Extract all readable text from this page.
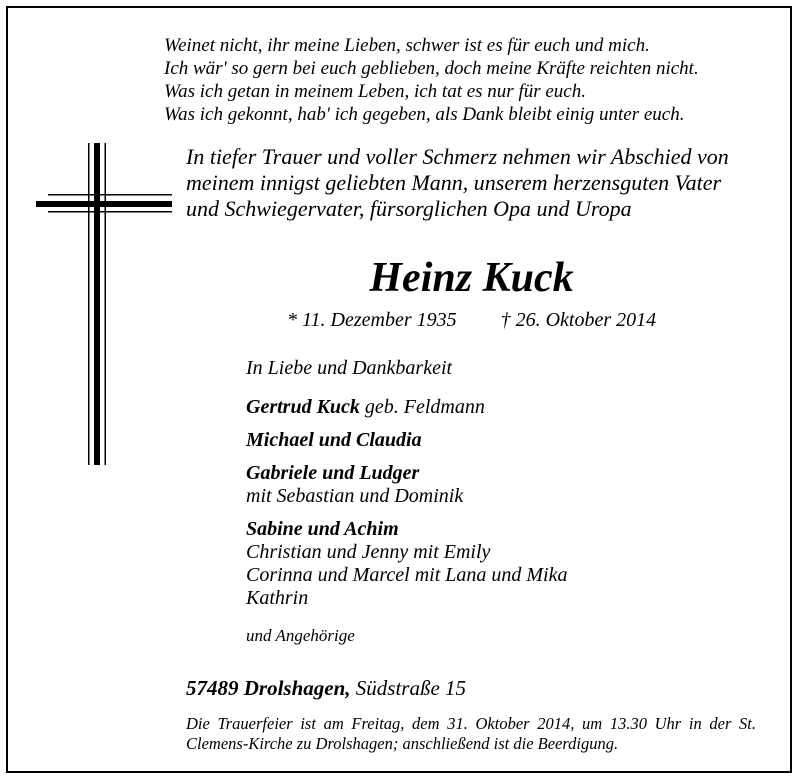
Weinet nicht, ihr meine Lieben, schwer ist es für euch und mich.
Ich wär' so gern bei euch geblieben, doch meine Kräfte reichten nicht.
Was ich getan in meinem Leben, ich tat es nur für euch.
Was ich gekonnt, hab' ich gegeben, als Dank bleibt einig unter euch.
In tiefer Trauer und voller Schmerz nehmen wir Abschied von
meinem innigst geliebten Mann, unserem herzensguten Vater
und Schwiegervater, fürsorglichen Opa und Uropa
Heinz Kuck
* 11. Dezember 1935 † 26. Oktober 2014
In Liebe und Dankbarkeit
Gertrud Kuck geb. Feldmann
Michael und Claudia
Gabriele und Ludger
mit Sebastian und Dominik
Sabine und Achim
Christian und Jenny mit Emily
Corinna und Marcel mit Lana und Mika
Kathrin
und Angehörige
57489 Drolshagen, Südstraße 15
Die Trauerfeier ist am Freitag, dem 31. Oktober 2014, um 13.30 Uhr in der St. Clemens-Kirche zu Drolshagen; anschließend ist die Beerdigung.
